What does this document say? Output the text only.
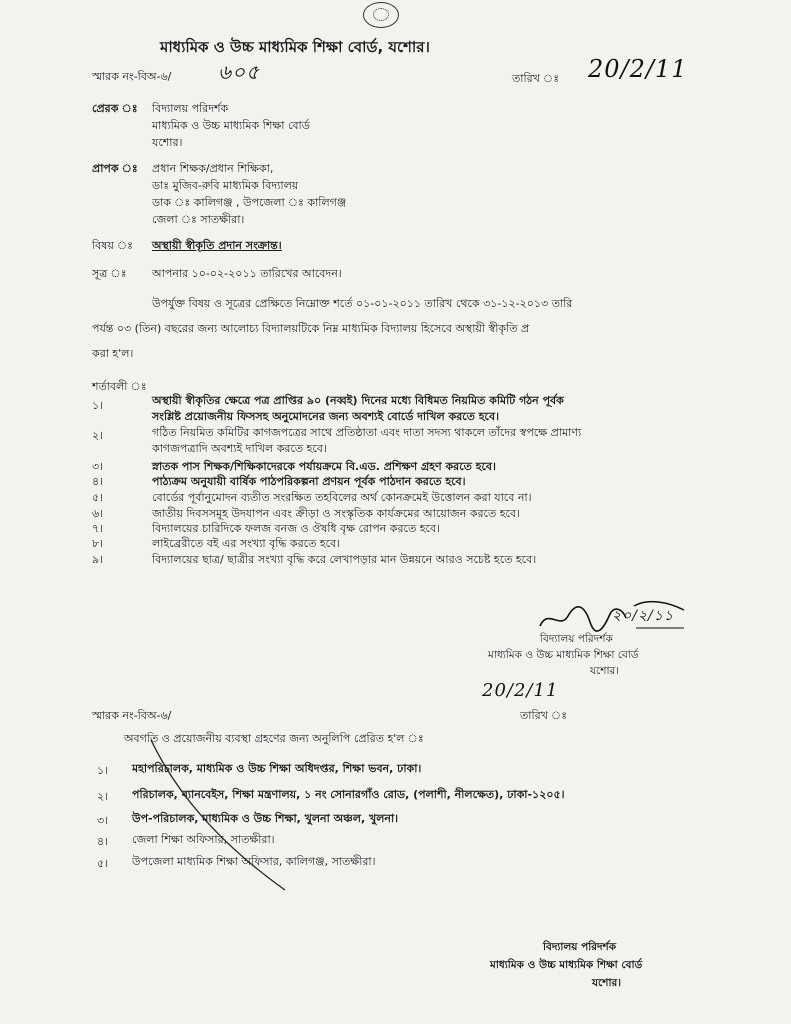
মাধ্যমিক ও উচ্চ মাধ্যমিক শিক্ষা বোর্ড, যশোর।
স্মারক নং-বিঅ-৬/ ৬০৫	তারিখ ঃ 20/2/11
প্রেরক ঃ বিদ্যালয় পরিদর্শক
মাধ্যমিক ও উচ্চ মাধ্যমিক শিক্ষা বোর্ড
যশোর।
প্রাপক ঃ প্রধান শিক্ষক/প্রধান শিক্ষিকা,
ডাঃ মুজিব-রুবি মাধ্যমিক বিদ্যালয়
ডাক ঃ কালিগঞ্জ , উপজেলা ঃ কালিগঞ্জ
জেলা ঃ সাতক্ষীরা।
বিষয় ঃ অস্থায়ী স্বীকৃতি প্রদান সংক্রান্ত।
সূত্র ঃ আপনার ১০-০২-২০১১ তারিখের আবেদন।
উপর্যুক্ত বিষয় ও সূত্রের প্রেক্ষিতে নিম্নোক্ত শর্তে ০১-০১-২০১১ তারিখ থেকে ৩১-১২-২০১৩ তারি
পর্যন্ত ০৩ (তিন) বছরের জন্য আলোচ্য বিদ্যালয়টিকে নিম্ন মাধ্যমিক বিদ্যালয় হিসেবে অস্থায়ী স্বীকৃতি প্র
করা হ'ল।
শর্তাবলী ঃ
১।	অস্থায়ী স্বীকৃতির ক্ষেত্রে পত্র প্রাপ্তির ৯০ (নব্বই) দিনের মধ্যে বিধিমত নিয়মিত কমিটি গঠন পূর্বক
সংশ্লিষ্ট প্রয়োজনীয় ফিসসহ অনুমোদনের জন্য অবশ্যই বোর্ডে দাখিল করতে হবে।
২।	গঠিত নিয়মিত কমিটির কাগজপত্রের সাথে প্রতিষ্ঠাতা এবং দাতা সদস্য থাকলে তাঁদের স্বপক্ষে প্রামাণ্য
কাগজপত্রাদি অবশ্যই দাখিল করতে হবে।
৩।	স্নাতক পাস শিক্ষক/শিক্ষিকাদেরকে পর্যায়ক্রমে বি.এড. প্রশিক্ষণ গ্রহণ করতে হবে।
৪।	পাঠ্যক্রম অনুযায়ী বার্ষিক পাঠপরিকল্পনা প্রণয়ন পূর্বক পাঠদান করতে হবে।
৫।	বোর্ডের পূর্বানুমোদন ব্যতীত সংরক্ষিত তহবিলের অর্থ কোনক্রমেই উত্তোলন করা যাবে না।
৬।	জাতীয় দিবসসমূহ উদযাপন এবং ক্রীড়া ও সংস্কৃতিক কার্যক্রমের আয়োজন করতে হবে।
৭।	বিদ্যালয়ের চারিদিকে ফলজ বনজ ও ঔষধি বৃক্ষ রোপন করতে হবে।
৮।	লাইব্রেরীতে বই এর সংখ্যা বৃদ্ধি করতে হবে।
৯।	বিদ্যালয়ের ছাত্র/ ছাত্রীর সংখ্যা বৃদ্ধি করে লেখাপড়ার মান উন্নয়নে আরও সচেষ্ট হতে হবে।
২০/২/১১
বিদ্যালয় পরিদর্শক
মাধ্যমিক ও উচ্চ মাধ্যমিক শিক্ষা বোর্ড
যশোর।
20/2/11
স্মারক নং-বিঅ-৬/	তারিখ ঃ
অবগতি ও প্রয়োজনীয় ব্যবস্থা গ্রহণের জন্য অনুলিপি প্রেরিত হ'ল ঃ
১। মহাপরিচালক, মাধ্যমিক ও উচ্চ শিক্ষা অধিদপ্তর, শিক্ষা ভবন, ঢাকা।
২। পরিচালক, ব্যানবেইস, শিক্ষা মন্ত্রণালয়, ১ নং সোনারগাঁও রোড, (পলাশী, নীলক্ষেত), ঢাকা-১২০৫।
৩। উপ-পরিচালক, মাধ্যমিক ও উচ্চ শিক্ষা, খুলনা অঞ্চল, খুলনা।
৪। জেলা শিক্ষা অফিসার, সাতক্ষীরা।
৫। উপজেলা মাধ্যমিক শিক্ষা অফিসার, কালিগঞ্জ, সাতক্ষীরা।
বিদ্যালয় পরিদর্শক
মাধ্যমিক ও উচ্চ মাধ্যমিক শিক্ষা বোর্ড
যশোর।
